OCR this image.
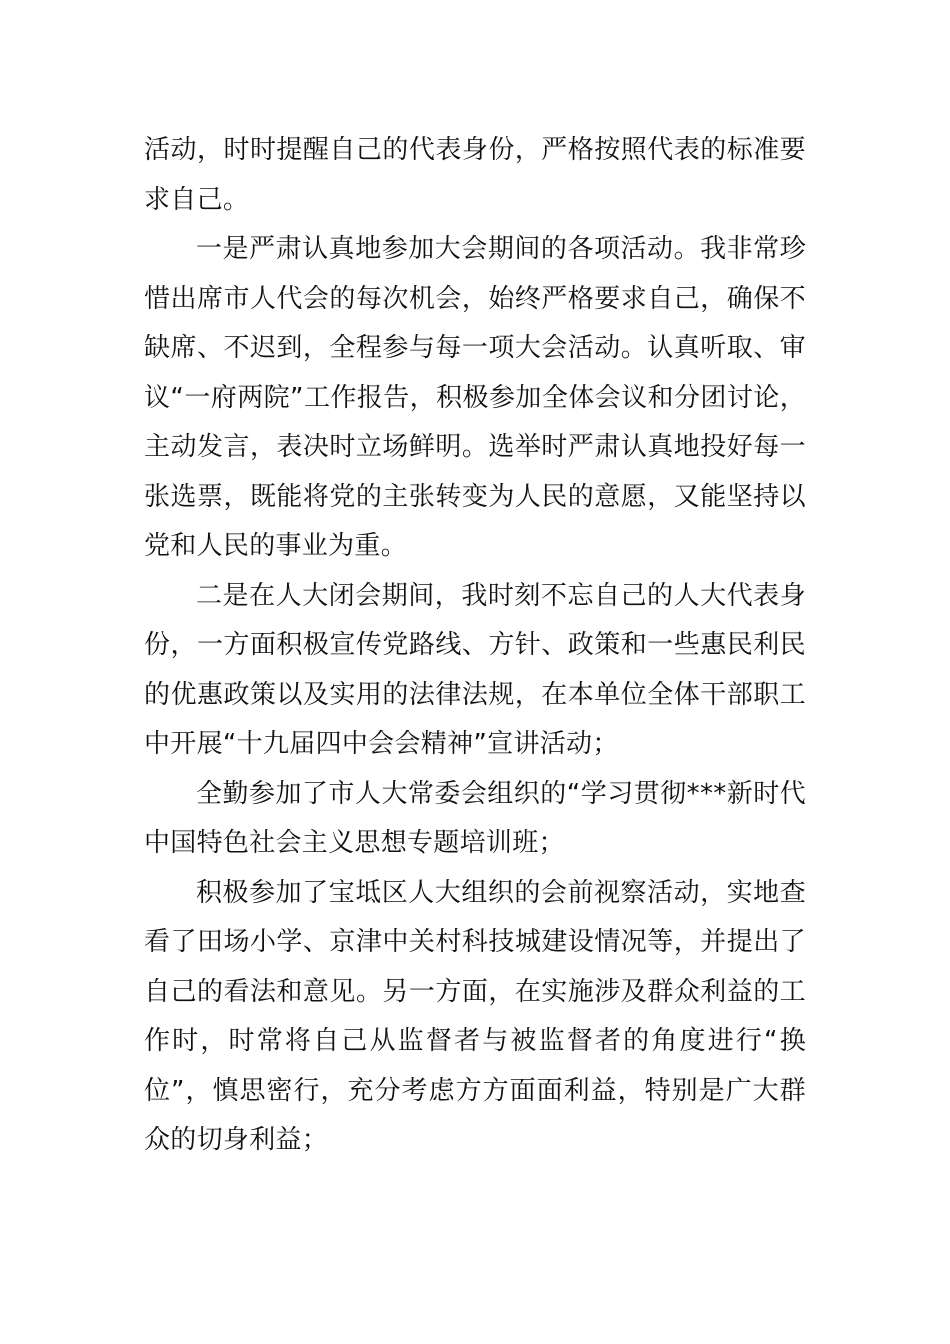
活动，时时提醒自己的代表身份，严格按照代表的标准要求自己。

一是严肃认真地参加大会期间的各项活动。我非常珍惜出席市人代会的每次机会，始终严格要求自己，确保不缺席、不迟到，全程参与每一项大会活动。认真听取、审议“一府两院”工作报告，积极参加全体会议和分团讨论，主动发言，表决时立场鲜明。选举时严肃认真地投好每一张选票，既能将党的主张转变为人民的意愿，又能坚持以党和人民的事业为重。

二是在人大闭会期间，我时刻不忘自己的人大代表身份，一方面积极宣传党路线、方针、政策和一些惠民利民的优惠政策以及实用的法律法规，在本单位全体干部职工中开展“十九届四中会会精神”宣讲活动；

全勤参加了市人大常委会组织的“学习贯彻***新时代中国特色社会主义思想专题培训班；

积极参加了宝坻区人大组织的会前视察活动，实地查看了田场小学、京津中关村科技城建设情况等，并提出了自己的看法和意见。另一方面，在实施涉及群众利益的工作时，时常将自己从监督者与被监督者的角度进行“换位”，慎思密行，充分考虑方方面面利益，特别是广大群众的切身利益；
